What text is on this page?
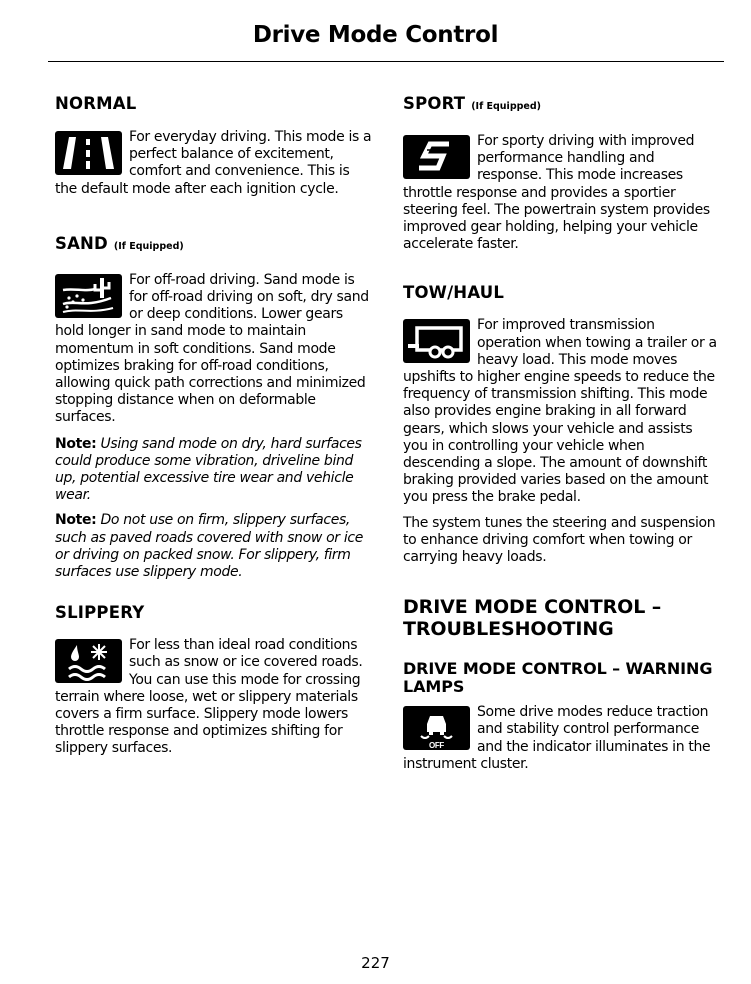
Drive Mode Control
NORMAL

For everyday driving. This mode is a perfect balance of excitement, comfort and convenience. This is the default mode after each ignition cycle.

SAND (If Equipped)

For off-road driving. Sand mode is for off-road driving on soft, dry sand or deep conditions. Lower gears hold longer in sand mode to maintain momentum in soft conditions. Sand mode optimizes braking for off-road conditions, allowing quick path corrections and minimized stopping distance when on deformable surfaces.

Note: Using sand mode on dry, hard surfaces could produce some vibration, driveline bind up, potential excessive tire wear and vehicle wear.

Note: Do not use on firm, slippery surfaces, such as paved roads covered with snow or ice or driving on packed snow. For slippery, firm surfaces use slippery mode.

SLIPPERY

For less than ideal road conditions such as snow or ice covered roads. You can use this mode for crossing terrain where loose, wet or slippery materials covers a firm surface. Slippery mode lowers throttle response and optimizes shifting for slippery surfaces.

SPORT (If Equipped)

For sporty driving with improved performance handling and response. This mode increases throttle response and provides a sportier steering feel. The powertrain system provides improved gear holding, helping your vehicle accelerate faster.

TOW/HAUL

For improved transmission operation when towing a trailer or a heavy load. This mode moves upshifts to higher engine speeds to reduce the frequency of transmission shifting. This mode also provides engine braking in all forward gears, which slows your vehicle and assists you in controlling your vehicle when descending a slope. The amount of downshift braking provided varies based on the amount you press the brake pedal.

The system tunes the steering and suspension to enhance driving comfort when towing or carrying heavy loads.

DRIVE MODE CONTROL – TROUBLESHOOTING
DRIVE MODE CONTROL – WARNING LAMPS

OFF
Some drive modes reduce traction and stability control performance and the indicator illuminates in the instrument cluster.

227
